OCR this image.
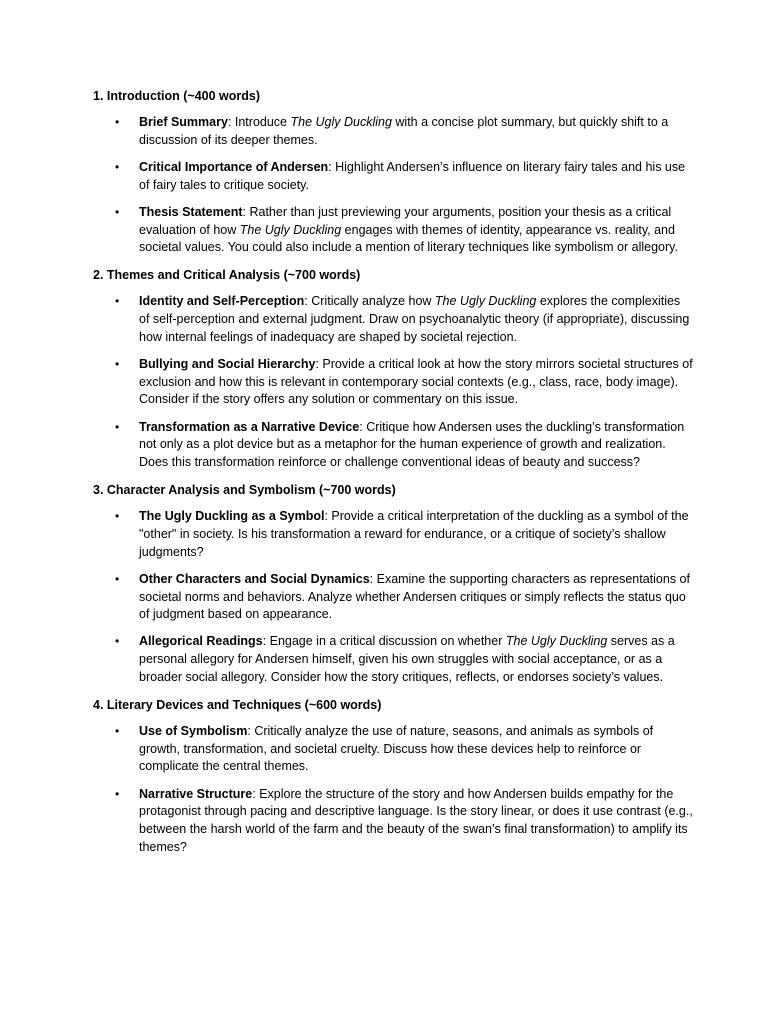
1. Introduction (~400 words)
• Brief Summary: Introduce The Ugly Duckling with a concise plot summary, but quickly shift to a discussion of its deeper themes.
• Critical Importance of Andersen: Highlight Andersen’s influence on literary fairy tales and his use of fairy tales to critique society.
• Thesis Statement: Rather than just previewing your arguments, position your thesis as a critical evaluation of how The Ugly Duckling engages with themes of identity, appearance vs. reality, and societal values. You could also include a mention of literary techniques like symbolism or allegory.
2. Themes and Critical Analysis (~700 words)
• Identity and Self-Perception: Critically analyze how The Ugly Duckling explores the complexities of self-perception and external judgment. Draw on psychoanalytic theory (if appropriate), discussing how internal feelings of inadequacy are shaped by societal rejection.
• Bullying and Social Hierarchy: Provide a critical look at how the story mirrors societal structures of exclusion and how this is relevant in contemporary social contexts (e.g., class, race, body image). Consider if the story offers any solution or commentary on this issue.
• Transformation as a Narrative Device: Critique how Andersen uses the duckling’s transformation not only as a plot device but as a metaphor for the human experience of growth and realization. Does this transformation reinforce or challenge conventional ideas of beauty and success?
3. Character Analysis and Symbolism (~700 words)
• The Ugly Duckling as a Symbol: Provide a critical interpretation of the duckling as a symbol of the "other" in society. Is his transformation a reward for endurance, or a critique of society’s shallow judgments?
• Other Characters and Social Dynamics: Examine the supporting characters as representations of societal norms and behaviors. Analyze whether Andersen critiques or simply reflects the status quo of judgment based on appearance.
• Allegorical Readings: Engage in a critical discussion on whether The Ugly Duckling serves as a personal allegory for Andersen himself, given his own struggles with social acceptance, or as a broader social allegory. Consider how the story critiques, reflects, or endorses society’s values.
4. Literary Devices and Techniques (~600 words)
• Use of Symbolism: Critically analyze the use of nature, seasons, and animals as symbols of growth, transformation, and societal cruelty. Discuss how these devices help to reinforce or complicate the central themes.
• Narrative Structure: Explore the structure of the story and how Andersen builds empathy for the protagonist through pacing and descriptive language. Is the story linear, or does it use contrast (e.g., between the harsh world of the farm and the beauty of the swan’s final transformation) to amplify its themes?
